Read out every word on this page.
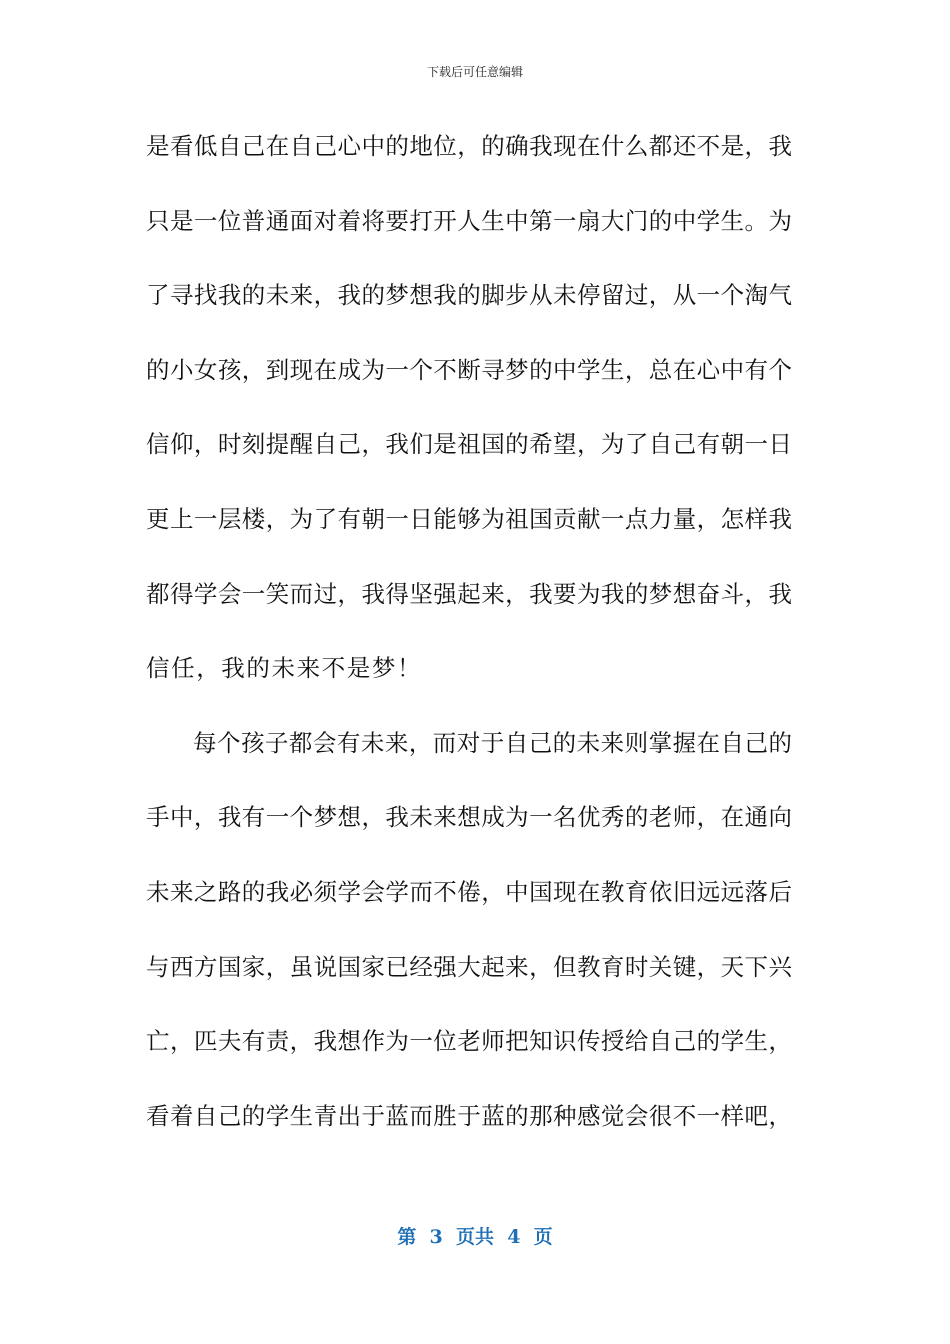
下载后可任意编辑
是看低自己在自己心中的地位，的确我现在什么都还不是，我
只是一位普通面对着将要打开人生中第一扇大门的中学生。为
了寻找我的未来，我的梦想我的脚步从未停留过，从一个淘气
的小女孩，到现在成为一个不断寻梦的中学生，总在心中有个
信仰，时刻提醒自己，我们是祖国的希望，为了自己有朝一日
更上一层楼，为了有朝一日能够为祖国贡献一点力量，怎样我
都得学会一笑而过，我得坚强起来，我要为我的梦想奋斗，我
信任，我的未来不是梦！
每个孩子都会有未来，而对于自己的未来则掌握在自己的
手中，我有一个梦想，我未来想成为一名优秀的老师，在通向
未来之路的我必须学会学而不倦，中国现在教育依旧远远落后
与西方国家，虽说国家已经强大起来，但教育时关键，天下兴
亡，匹夫有责，我想作为一位老师把知识传授给自己的学生，
看着自己的学生青出于蓝而胜于蓝的那种感觉会很不一样吧，
第  3  页共  4  页
